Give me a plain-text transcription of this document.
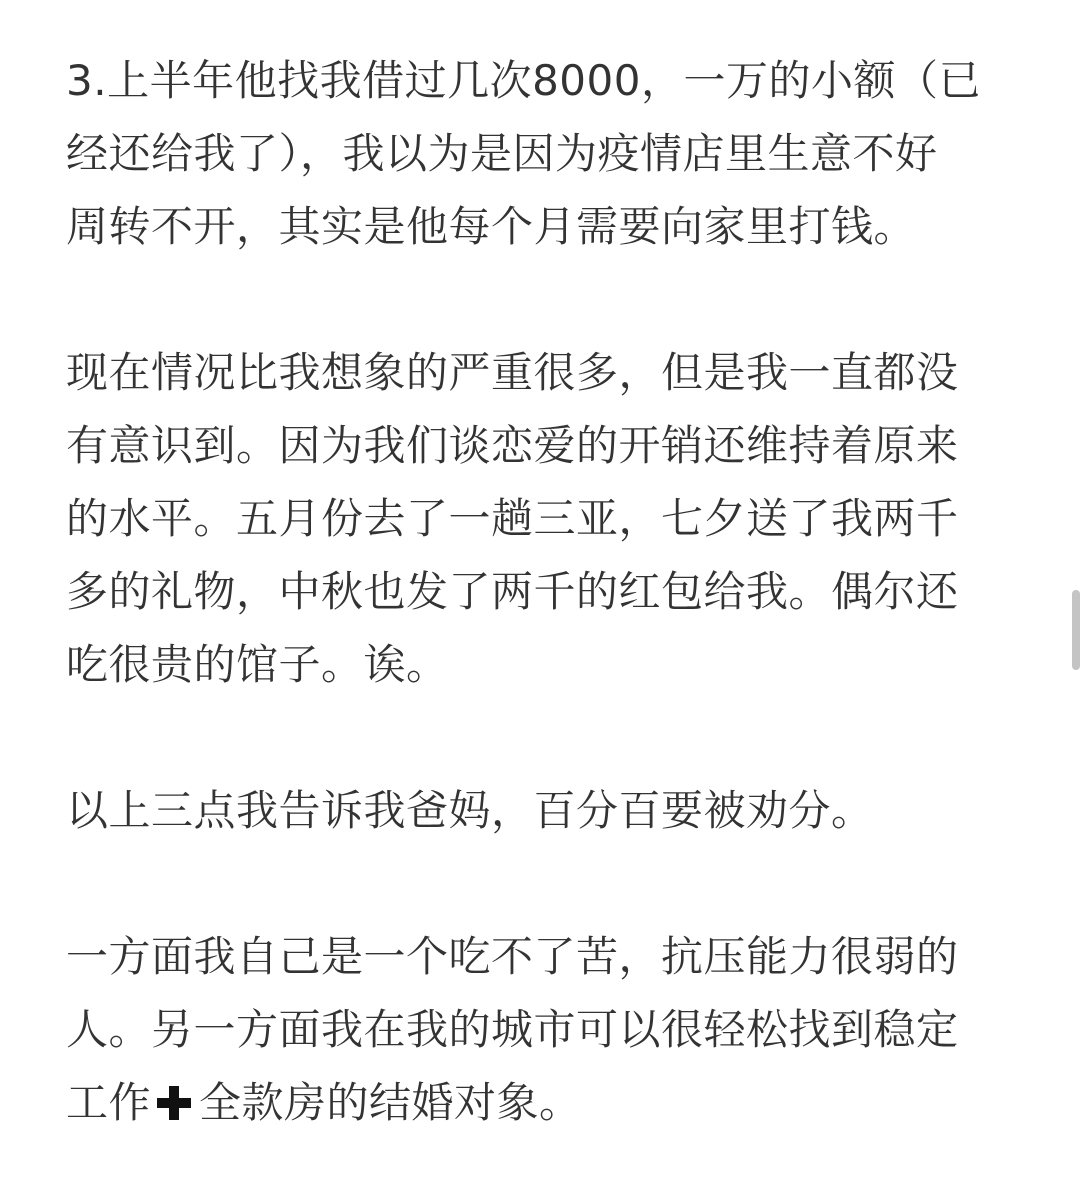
3.上半年他找我借过几次8000，一万的小额（已
经还给我了），我以为是因为疫情店里生意不好
周转不开，其实是他每个月需要向家里打钱。

现在情况比我想象的严重很多，但是我一直都没
有意识到。因为我们谈恋爱的开销还维持着原来
的水平。五月份去了一趟三亚，七夕送了我两千
多的礼物，中秋也发了两千的红包给我。偶尔还
吃很贵的馆子。诶。

以上三点我告诉我爸妈，百分百要被劝分。

一方面我自己是一个吃不了苦，抗压能力很弱的
人。另一方面我在我的城市可以很轻松找到稳定
工作 全款房的结婚对象。
